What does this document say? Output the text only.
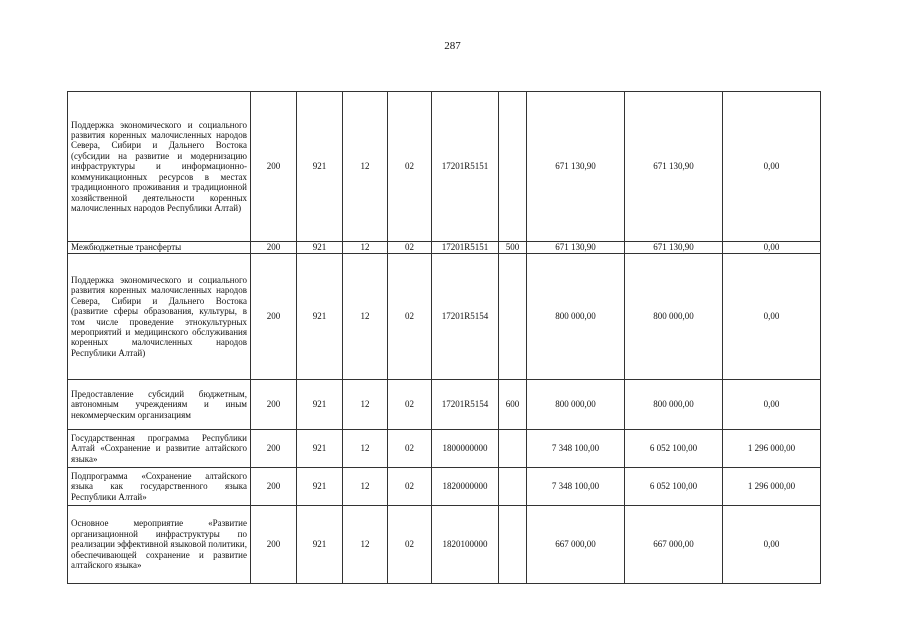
287
Поддержка экономического и социального развития коренных малочисленных народов Севера, Сибири и Дальнего Востока (субсидии на развитие и модернизацию инфраструктуры и информационно-коммуникационных ресурсов в местах традиционного проживания и традиционной хозяйственной деятельности коренных малочисленных народов Республики Алтай)	200	921	12	02	17201R5151		671 130,90	671 130,90	0,00
Межбюджетные трансферты	200	921	12	02	17201R5151	500	671 130,90	671 130,90	0,00
Поддержка экономического и социального развития коренных малочисленных народов Севера, Сибири и Дальнего Востока (развитие сферы образования, культуры, в том числе проведение этнокультурных мероприятий и медицинского обслуживания коренных малочисленных народов Республики Алтай)	200	921	12	02	17201R5154		800 000,00	800 000,00	0,00
Предоставление субсидий бюджетным, автономным учреждениям и иным некоммерческим организациям	200	921	12	02	17201R5154	600	800 000,00	800 000,00	0,00
Государственная программа Республики Алтай «Сохранение и развитие алтайского языка»	200	921	12	02	1800000000		7 348 100,00	6 052 100,00	1 296 000,00
Подпрограмма «Сохранение алтайского языка как государственного языка Республики Алтай»	200	921	12	02	1820000000		7 348 100,00	6 052 100,00	1 296 000,00
Основное мероприятие «Развитие организационной инфраструктуры по реализации эффективной языковой политики, обеспечивающей сохранение и развитие алтайского языка»	200	921	12	02	1820100000		667 000,00	667 000,00	0,00
